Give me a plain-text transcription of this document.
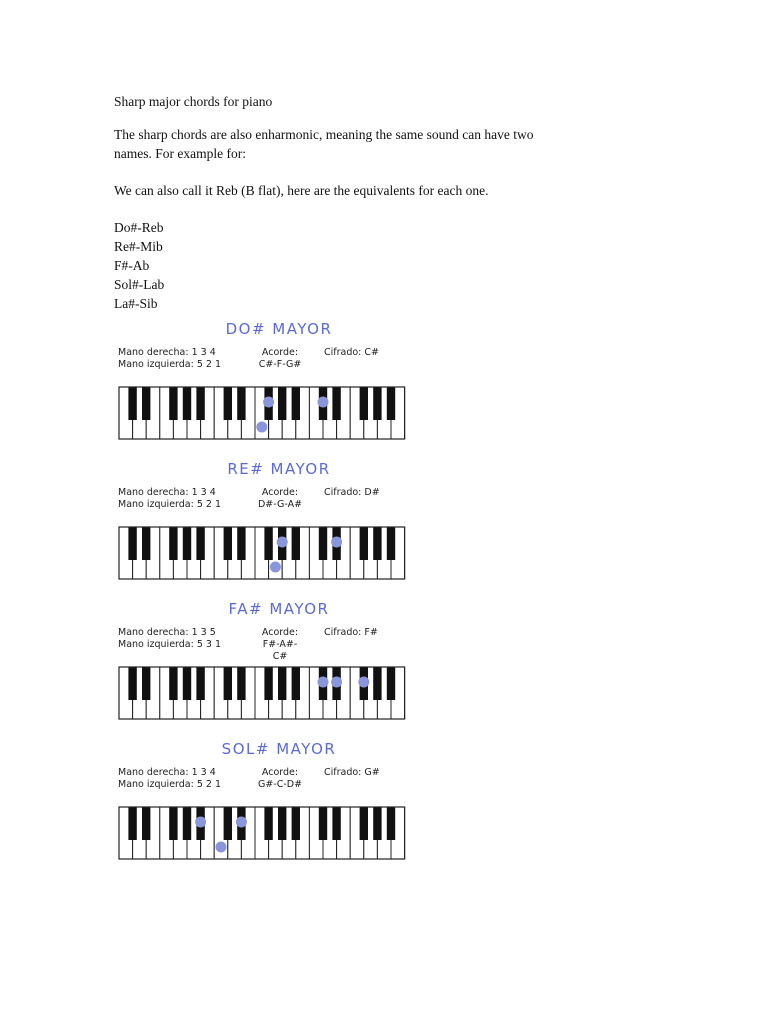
Sharp major chords for piano
The sharp chords are also enharmonic, meaning the same sound can have two names. For example for:
We can also call it Reb (B flat), here are the equivalents for each one.
Do#-Reb
Re#-Mib
F#-Ab
Sol#-Lab
La#-Sib
DO# MAYOR
Mano derecha: 1 3 4
Mano izquierda: 5 2 1
Acorde:
C#-F-G#
Cifrado: C#
RE# MAYOR
Mano derecha: 1 3 4
Mano izquierda: 5 2 1
Acorde:
D#-G-A#
Cifrado: D#
FA# MAYOR
Mano derecha: 1 3 5
Mano izquierda: 5 3 1
Acorde:
F#-A#-C#
Cifrado: F#
SOL# MAYOR
Mano derecha: 1 3 4
Mano izquierda: 5 2 1
Acorde:
G#-C-D#
Cifrado: G#
